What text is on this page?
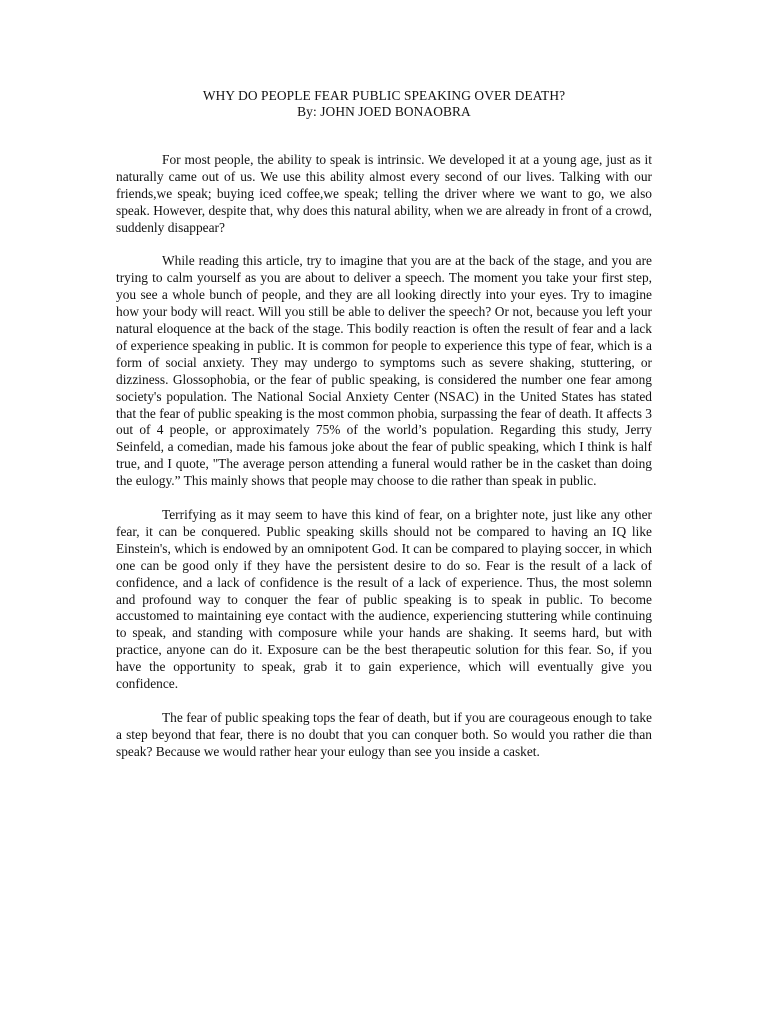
WHY DO PEOPLE FEAR PUBLIC SPEAKING OVER DEATH?
By: JOHN JOED BONAOBRA

For most people, the ability to speak is intrinsic. We developed it at a young age, just as it naturally came out of us. We use this ability almost every second of our lives. Talking with our friends,we speak; buying iced coffee,we speak; telling the driver where we want to go, we also speak. However, despite that, why does this natural ability, when we are already in front of a crowd, suddenly disappear?

While reading this article, try to imagine that you are at the back of the stage, and you are trying to calm yourself as you are about to deliver a speech. The moment you take your first step, you see a whole bunch of people, and they are all looking directly into your eyes. Try to imagine how your body will react. Will you still be able to deliver the speech? Or not, because you left your natural eloquence at the back of the stage. This bodily reaction is often the result of fear and a lack of experience speaking in public. It is common for people to experience this type of fear, which is a form of social anxiety. They may undergo to symptoms such as severe shaking, stuttering, or dizziness. Glossophobia, or the fear of public speaking, is considered the number one fear among society's population. The National Social Anxiety Center (NSAC) in the United States has stated that the fear of public speaking is the most common phobia, surpassing the fear of death. It affects 3 out of 4 people, or approximately 75% of the world’s population. Regarding this study, Jerry Seinfeld, a comedian, made his famous joke about the fear of public speaking, which I think is half true, and I quote, "The average person attending a funeral would rather be in the casket than doing the eulogy.” This mainly shows that people may choose to die rather than speak in public.

Terrifying as it may seem to have this kind of fear, on a brighter note, just like any other fear, it can be conquered. Public speaking skills should not be compared to having an IQ like Einstein's, which is endowed by an omnipotent God. It can be compared to playing soccer, in which one can be good only if they have the persistent desire to do so. Fear is the result of a lack of confidence, and a lack of confidence is the result of a lack of experience. Thus, the most solemn and profound way to conquer the fear of public speaking is to speak in public. To become accustomed to maintaining eye contact with the audience, experiencing stuttering while continuing to speak, and standing with composure while your hands are shaking. It seems hard, but with practice, anyone can do it. Exposure can be the best therapeutic solution for this fear. So, if you have the opportunity to speak, grab it to gain experience, which will eventually give you confidence.

The fear of public speaking tops the fear of death, but if you are courageous enough to take a step beyond that fear, there is no doubt that you can conquer both. So would you rather die than speak? Because we would rather hear your eulogy than see you inside a casket.
